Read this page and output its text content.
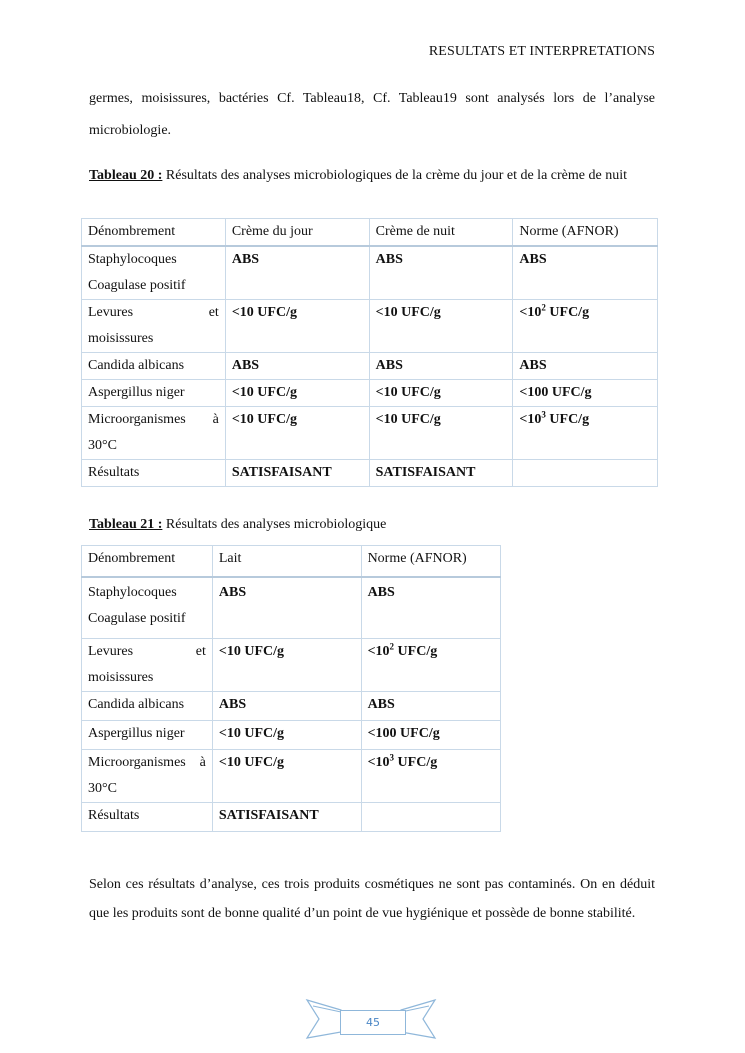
RESULTATS ET INTERPRETATIONS
germes, moisissures, bactéries Cf. Tableau18, Cf. Tableau19 sont analysés lors de l’analyse microbiologie.
Tableau 20 : Résultats des analyses microbiologiques de la crème du jour et de la crème de nuit
Dénombrement	Crème du jour	Crème de nuit	Norme (AFNOR)
Staphylocoques Coagulase positif	ABS	ABS	ABS

Levures et
moisissures	<10 UFC/g	<10 UFC/g	$<10^2$ UFC/g
Candida albicans	ABS	ABS	ABS
Aspergillus niger	<10 UFC/g	<10 UFC/g	<100 UFC/g

Microorganismes à
30°C	<10 UFC/g	<10 UFC/g	$<10^3$ UFC/g
Résultats	SATISFAISANT	SATISFAISANT	
Tableau 21 : Résultats des analyses microbiologique
Dénombrement	Lait	Norme (AFNOR)
Staphylocoques Coagulase positif	ABS	ABS

Levures et
moisissures	<10 UFC/g	$<10^2$ UFC/g
Candida albicans	ABS	ABS
Aspergillus niger	<10 UFC/g	<100 UFC/g

Microorganismes à
30°C	<10 UFC/g	$<10^3$ UFC/g
Résultats	SATISFAISANT	
Selon ces résultats d’analyse, ces trois produits cosmétiques ne sont pas contaminés. On en déduit que les produits sont de bonne qualité d’un point de vue hygiénique et possède de bonne stabilité.
45
